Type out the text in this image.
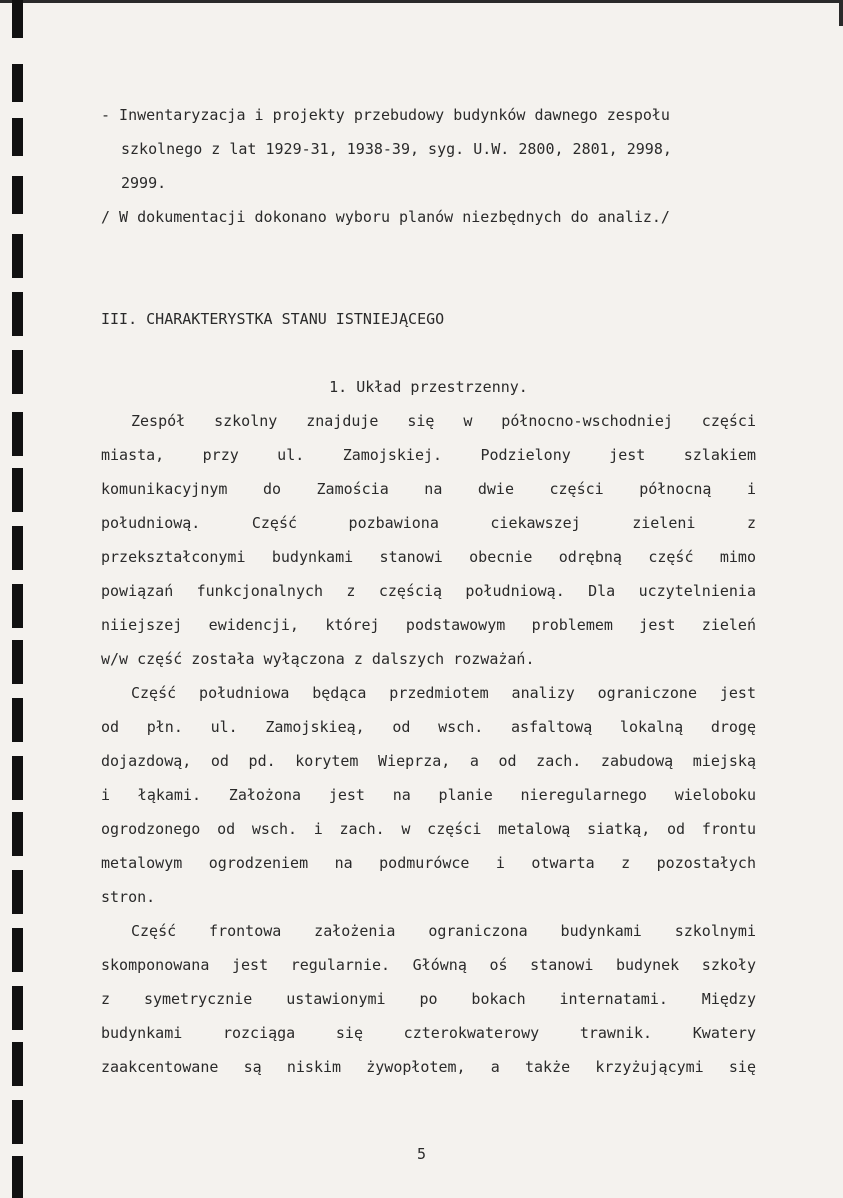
- Inwentaryzacja i projekty przebudowy budynków dawnego zespołu
szkolnego z lat 1929-31, 1938-39, syg. U.W. 2800, 2801, 2998,
2999.
/ W dokumentacji dokonano wyboru planów niezbędnych do analiz./
III. CHARAKTERYSTKA STANU ISTNIEJĄCEGO
1. Układ przestrzenny.
Zespół szkolny znajduje się w północno-wschodniej części
miasta, przy ul. Zamojskiej. Podzielony jest szlakiem
komunikacyjnym do Zamościa na dwie części północną i
południową. Część pozbawiona ciekawszej zieleni z
przekształconymi budynkami stanowi obecnie odrębną część mimo
powiązań funkcjonalnych z częścią południową. Dla uczytelnienia
niiejszej ewidencji, której podstawowym problemem jest zieleń
w/w część została wyłączona z dalszych rozważań.
Część południowa będąca przedmiotem analizy ograniczone jest
od płn. ul. Zamojskieą, od wsch. asfaltową lokalną drogę
dojazdową, od pd. korytem Wieprza, a od zach. zabudową miejską
i łąkami. Założona jest na planie nieregularnego wieloboku
ogrodzonego od wsch. i zach. w części metalową siatką, od frontu
metalowym ogrodzeniem na podmurówce i otwarta z pozostałych
stron.
Część frontowa założenia ograniczona budynkami szkolnymi
skomponowana jest regularnie. Główną oś stanowi budynek szkoły
z symetrycznie ustawionymi po bokach internatami. Między
budynkami rozciąga się czterokwaterowy trawnik. Kwatery
zaakcentowane są niskim żywopłotem, a także krzyżującymi się
5
